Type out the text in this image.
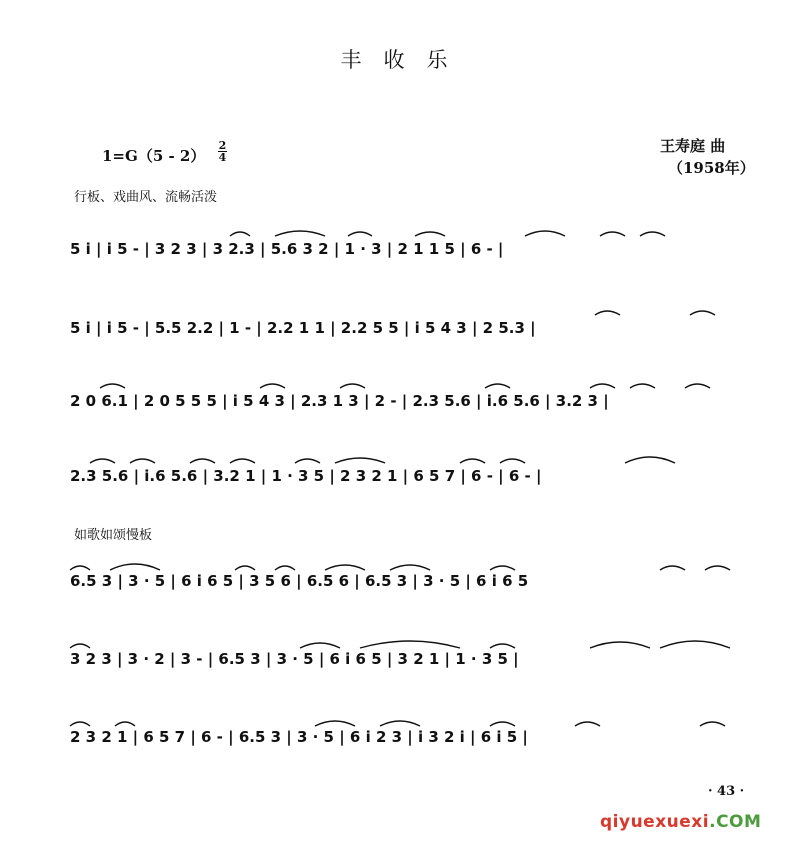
丰收乐
王寿庭 曲
（1958年）
1=G（5 - 2）
2
4
行板、戏曲风、流畅活泼
5 i | i 5 - | 3 2 3 | 3 2.3 | 5.6 3 2 | 1 · 3 | 2 1 1 5 | 6 - |
5 i | i 5 - | 5.5 2.2 | 1 - | 2.2 1 1 | 2.2 5 5 | i 5 4 3 | 2 5.3 |
2 0 6.1 | 2 0 5 5 5 | i 5 4 3 | 2.3 1 3 | 2 - | 2.3 5.6 | i.6 5.6 | 3.2 3 |
2.3 5.6 | i.6 5.6 | 3.2 1 | 1 · 3 5 | 2 3 2 1 | 6 5 7 | 6 - | 6 - |
如歌如颂慢板
6.5 3 | 3 · 5 | 6 i 6 5 | 3 5 6 | 6.5 6 | 6.5 3 | 3 · 5 | 6 i 6 5
3 2 3 | 3 · 2 | 3 - | 6.5 3 | 3 · 5 | 6 i 6 5 | 3 2 1 | 1 · 3 5 |
2 3 2 1 | 6 5 7 | 6 - | 6.5 3 | 3 · 5 | 6 i 2 3 | i 3 2 i | 6 i 5 |
· 43 ·
qiyuexuexi.COM
